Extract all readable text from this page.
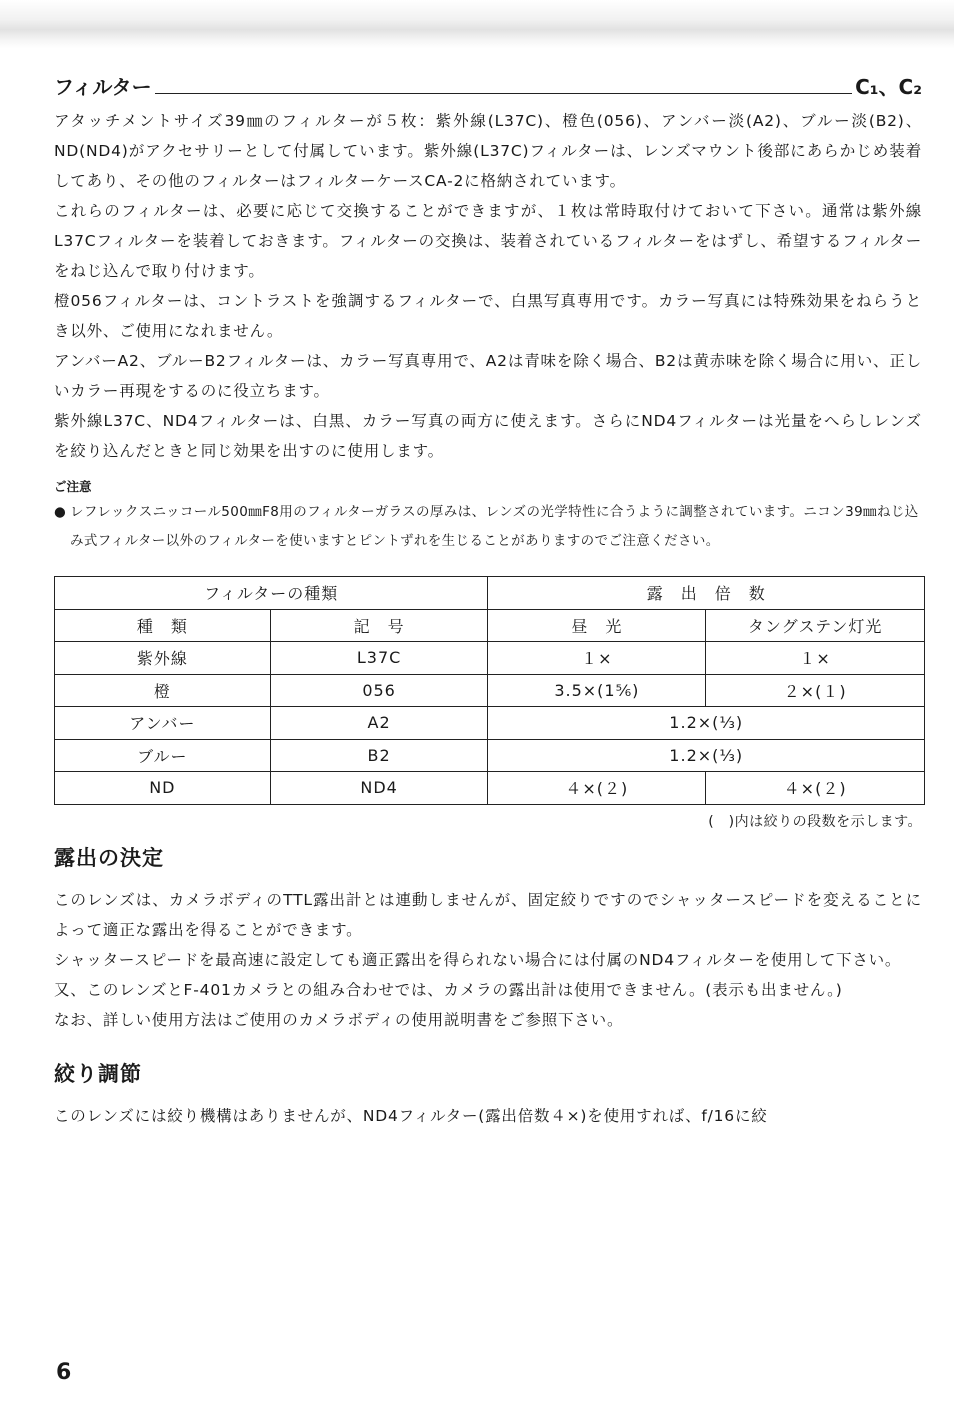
フィルター	C₁、C₂

アタッチメントサイズ39㎜のフィルターが５枚：紫外線(L37C)、橙色(056)、アンバー淡(A2)、ブルー淡(B2)、ND(ND4)がアクセサリーとして付属しています。紫外線(L37C)フィルターは、レンズマウント後部にあらかじめ装着してあり、その他のフィルターはフィルターケースCA-2に格納されています。

これらのフィルターは、必要に応じて交換することができますが、１枚は常時取付けておいて下さい。通常は紫外線L37Cフィルターを装着しておきます。フィルターの交換は、装着されているフィルターをはずし、希望するフィルターをねじ込んで取り付けます。

橙056フィルターは、コントラストを強調するフィルターで、白黒写真専用です。カラー写真には特殊効果をねらうとき以外、ご使用になれません。

アンバーA2、ブルーB2フィルターは、カラー写真専用で、A2は青味を除く場合、B2は黄赤味を除く場合に用い、正しいカラー再現をするのに役立ちます。

紫外線L37C、ND4フィルターは、白黒、カラー写真の両方に使えます。さらにND4フィルターは光量をへらしレンズを絞り込んだときと同じ効果を出すのに使用します。

ご注意
● レフレックスニッコール500㎜F8用のフィルターガラスの厚みは、レンズの光学特性に合うように調整されています。ニコン39㎜ねじ込み式フィルター以外のフィルターを使いますとピントずれを生じることがありますのでご注意ください。
フィルターの種類		露　出　倍　数	
種　類	記　号	昼　光	タングステン灯光
紫外線	L37C	１×	１×
橙	056	3.5×(1⅚)	２×(１)
アンバー	A2	1.2×(⅓)	
ブルー	B2	1.2×(⅓)	
ND	ND4	４×(２)	４×(２)
(　)内は絞りの段数を示します。
露出の決定

このレンズは、カメラボディのTTL露出計とは連動しませんが、固定絞りですのでシャッタースピードを変えることによって適正な露出を得ることができます。

シャッタースピードを最高速に設定しても適正露出を得られない場合には付属のND4フィルターを使用して下さい。

又、このレンズとF-401カメラとの組み合わせでは、カメラの露出計は使用できません。(表示も出ません。)

なお、詳しい使用方法はご使用のカメラボディの使用説明書をご参照下さい。

絞り調節

このレンズには絞り機構はありませんが、ND4フィルター(露出倍数４×)を使用すれば、f/16に絞

6
